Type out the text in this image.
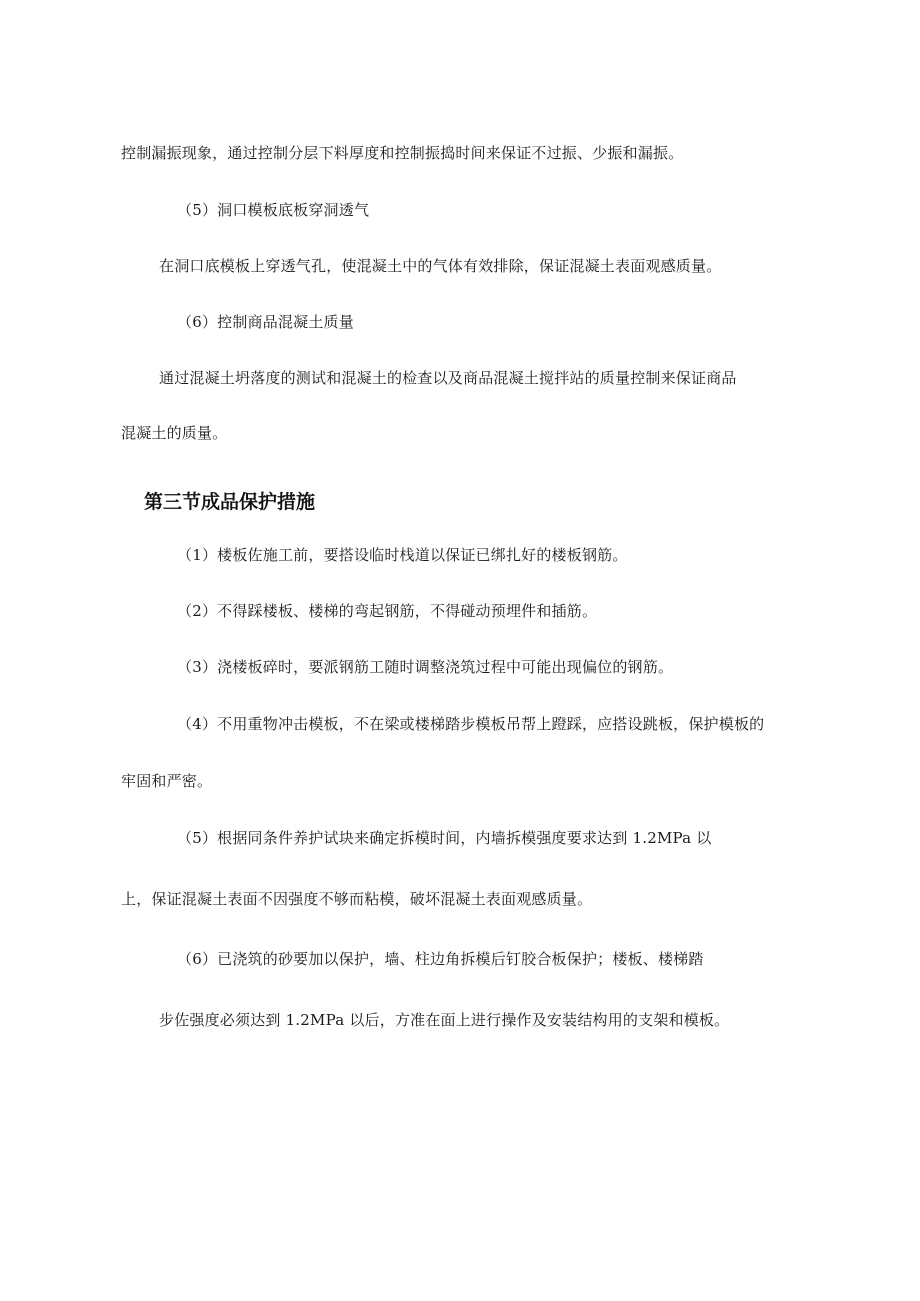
控制漏振现象，通过控制分层下料厚度和控制振捣时间来保证不过振、少振和漏振。
（5）洞口模板底板穿洞透气
在洞口底模板上穿透气孔，使混凝土中的气体有效排除，保证混凝土表面观感质量。
（6）控制商品混凝土质量
通过混凝土坍落度的测试和混凝土的检查以及商品混凝土搅拌站的质量控制来保证商品
混凝土的质量。
第三节成品保护措施
（1）楼板佐施工前，要搭设临时栈道以保证已绑扎好的楼板钢筋。
（2）不得踩楼板、楼梯的弯起钢筋，不得碰动预埋件和插筋。
（3）浇楼板碎时，要派钢筋工随时调整浇筑过程中可能出现偏位的钢筋。
（4）不用重物冲击模板，不在梁或楼梯踏步模板吊帮上蹬踩，应搭设跳板，保护模板的
牢固和严密。
（5）根据同条件养护试块来确定拆模时间，内墙拆模强度要求达到 1.2MPa 以
上，保证混凝土表面不因强度不够而粘模，破坏混凝土表面观感质量。
（6）已浇筑的砂要加以保护，墙、柱边角拆模后钉胶合板保护；楼板、楼梯踏
步佐强度必须达到 1.2MPa 以后，方准在面上进行操作及安装结构用的支架和模板。
